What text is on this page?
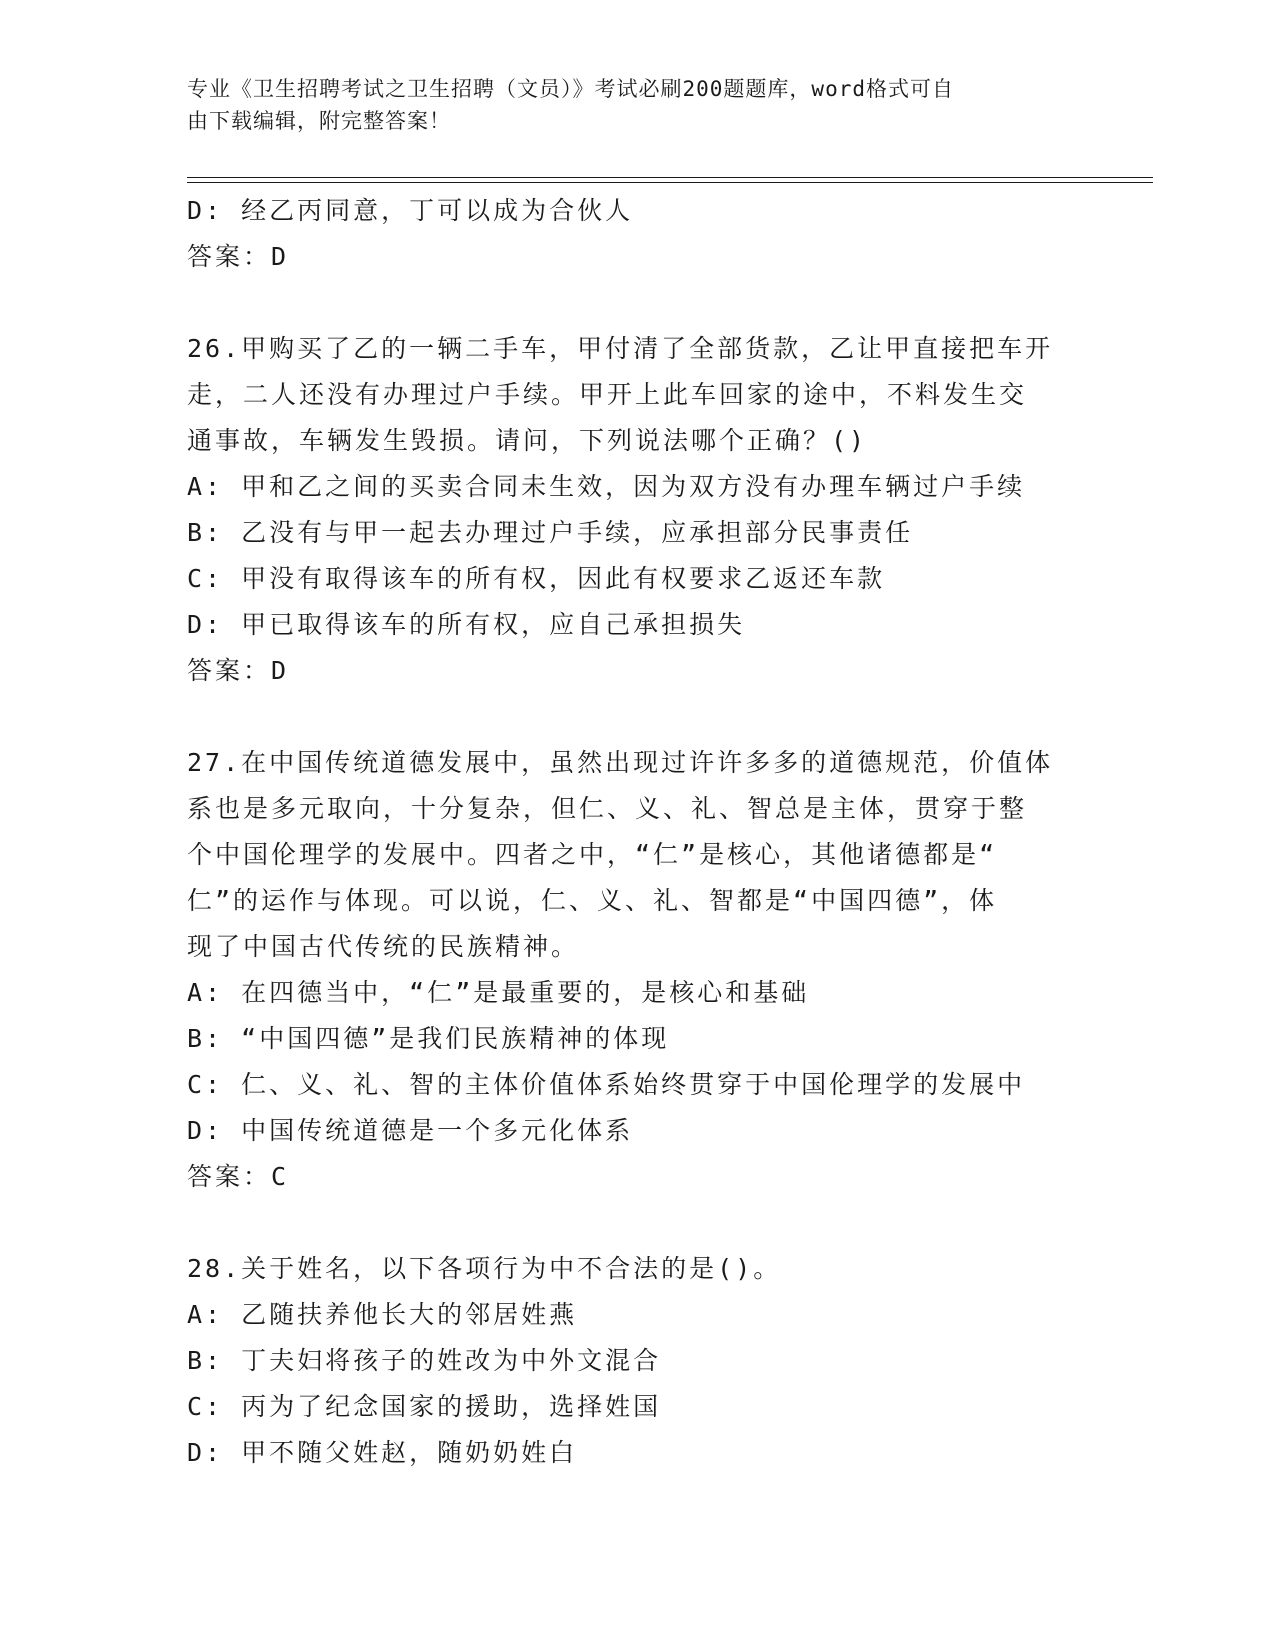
专业《卫生招聘考试之卫生招聘（文员）》考试必刷200题题库，word格式可自
由下载编辑，附完整答案！
D: 经乙丙同意，丁可以成为合伙人
答案：D
26.甲购买了乙的一辆二手车，甲付清了全部货款，乙让甲直接把车开
走，二人还没有办理过户手续。甲开上此车回家的途中，不料发生交
通事故，车辆发生毁损。请问，下列说法哪个正确？()
A: 甲和乙之间的买卖合同未生效，因为双方没有办理车辆过户手续
B: 乙没有与甲一起去办理过户手续，应承担部分民事责任
C: 甲没有取得该车的所有权，因此有权要求乙返还车款
D: 甲已取得该车的所有权，应自己承担损失
答案：D
27.在中国传统道德发展中，虽然出现过许许多多的道德规范，价值体
系也是多元取向，十分复杂，但仁、义、礼、智总是主体，贯穿于整
个中国伦理学的发展中。四者之中，“仁”是核心，其他诸德都是“
仁”的运作与体现。可以说，仁、义、礼、智都是“中国四德”，体
现了中国古代传统的民族精神。
A: 在四德当中，“仁”是最重要的，是核心和基础
B: “中国四德”是我们民族精神的体现
C: 仁、义、礼、智的主体价值体系始终贯穿于中国伦理学的发展中
D: 中国传统道德是一个多元化体系
答案：C
28.关于姓名，以下各项行为中不合法的是()。
A: 乙随扶养他长大的邻居姓燕
B: 丁夫妇将孩子的姓改为中外文混合
C: 丙为了纪念国家的援助，选择姓国
D: 甲不随父姓赵，随奶奶姓白
